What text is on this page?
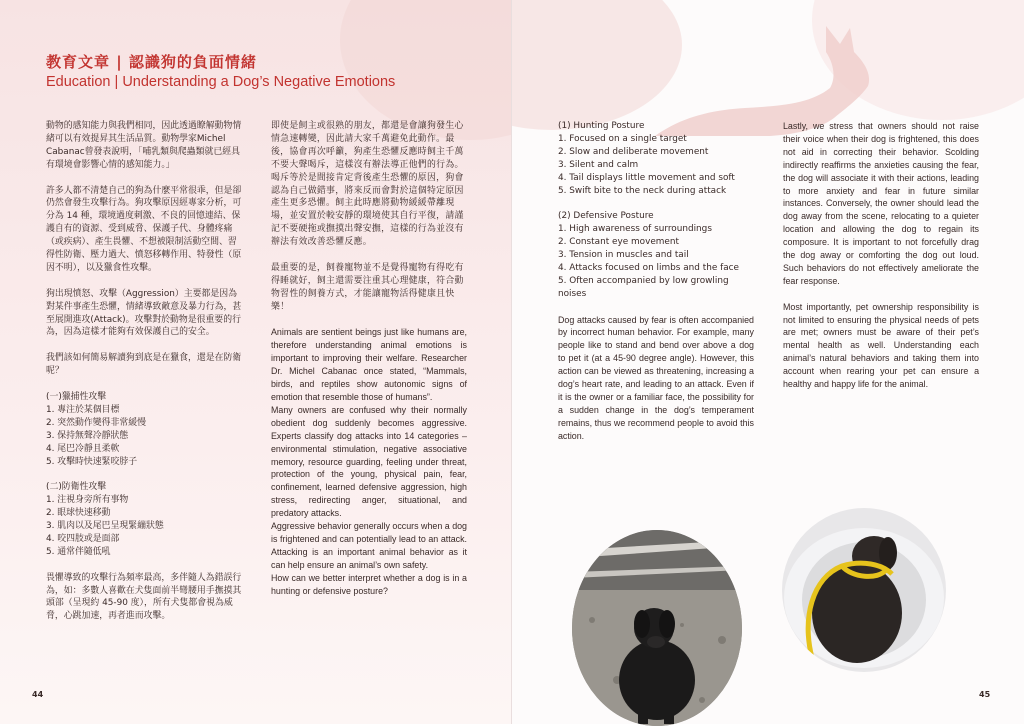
教育文章 | 認識狗的負面情緒
Education | Understanding a Dog’s Negative Emotions

動物的感知能力與我們相同，因此透過瞭解動物情緒可以有效提昇其生活品質。動物學家Michel Cabanac曾發表說明，「哺乳類與爬蟲類就已經具有環境會影響心情的感知能力。」

許多人都不清楚自己的狗為什麼平常很乖，但是卻仍然會發生攻擊行為。狗攻擊原因經專家分析，可分為 14 種，環境過度刺激、不良的回憶連結、保護自有的資源、受到威脅、保護子代、身體疼痛（或疾病）、產生畏懼、不想被限制活動空間、習得性防衛、壓力過大、憤怒移轉作用、特發性（原因不明），以及獵食性攻擊。

狗出現憤怒、攻擊（Aggression）主要都是因為對某件事產生恐懼，情緒導致敵意及暴力行為，甚至展開進攻(Attack)。攻擊對於動物是很重要的行為，因為這樣才能夠有效保護自己的安全。

我們該如何簡易解讀狗到底是在獵食，還是在防衛呢？

(一)獵捕性攻擊
1. 專注於某個目標
2. 突然動作變得非常緩慢
3. 保持無聲冷靜狀態
4. 尾巴冷靜且柔軟
5. 攻擊時快速緊咬脖子
(二)防衛性攻擊
1. 注視身旁所有事物
2. 眼球快速移動
3. 肌肉以及尾巴呈現緊繃狀態
4. 咬四肢或是面部
5. 通常伴隨低吼

畏懼導致的攻擊行為頻率最高，多伴隨人為錯誤行為，如：多數人喜歡在犬隻面前半彎腰用手撫摸其頭部（呈現約 45-90 度），所有犬隻都會視為威脅，心跳加速，再者進而攻擊。

即使是飼主或很熟的朋友，都還是會讓狗發生心情急速轉變，因此請大家千萬避免此動作。最後，協會再次呼籲，狗產生恐懼反應時飼主千萬不要大聲喝斥，這樣沒有辦法導正他們的行為。喝斥等於是間接肯定背後產生恐懼的原因，狗會認為自己做錯事，將來反而會對於這個特定原因產生更多恐懼。飼主此時應將動物緩緩帶離現場，並安置於較安靜的環境使其自行平復，請謹記不要硬拖或撫摸出聲安撫，這樣的行為並沒有辦法有效改善恐懼反應。

最重要的是，飼養寵物並不是覺得寵物有得吃有得睡就好，飼主還需要注重其心理健康，符合動物習性的飼養方式，才能讓寵物活得健康且快樂！

Animals are sentient beings just like humans are, therefore understanding animal emotions is important to improving their welfare. Researcher Dr. Michel Cabanac once stated, “Mammals, birds, and reptiles show autonomic signs of emotion that resemble those of humans”.
Many owners are confused why their normally obedient dog suddenly becomes aggressive. Experts classify dog attacks into 14 categories – environmental stimulation, negative associative memory, resource guarding, feeling under threat, protection of the young, physical pain, fear, confinement, learned defensive aggression, high stress, redirecting anger, situational, and predatory attacks.
Aggressive behavior generally occurs when a dog is frightened and can potentially lead to an attack. Attacking is an important animal behavior as it can help ensure an animal’s own safety.
How can we better interpret whether a dog is in a hunting or defensive posture?
44
(1) Hunting Posture
1. Focused on a single target
2. Slow and deliberate movement
3. Silent and calm
4. Tail displays little movement and soft
5. Swift bite to the neck during attack
(2) Defensive Posture
1. High awareness of surroundings
2. Constant eye movement
3. Tension in muscles and tail
4. Attacks focused on limbs and the face
5. Often accompanied by low growling noises

Dog attacks caused by fear is often accompanied by incorrect human behavior. For example, many people like to stand and bend over above a dog to pet it (at a 45-90 degree angle). However, this action can be viewed as threatening, increasing a dog’s heart rate, and leading to an attack. Even if it is the owner or a familiar face, the possibility for a sudden change in the dog’s temperament remains, thus we recommend people to avoid this action.

Lastly, we stress that owners should not raise their voice when their dog is frightened, this does not aid in correcting their behavior. Scolding indirectly reaffirms the anxieties causing the fear, the dog will associate it with their actions, leading to more anxiety and fear in future similar instances. Conversely, the owner should lead the dog away from the scene, relocating to a quieter location and allowing the dog to regain its composure. It is important to not forcefully drag the dog away or comforting the dog out loud. Such behaviors do not effectively ameliorate the fear response.

Most importantly, pet ownership responsibility is not limited to ensuring the physical needs of pets are met; owners must be aware of their pet’s mental health as well. Understanding each animal’s natural behaviors and taking them into account when rearing your pet can ensure a healthy and happy life for the animal.

45
